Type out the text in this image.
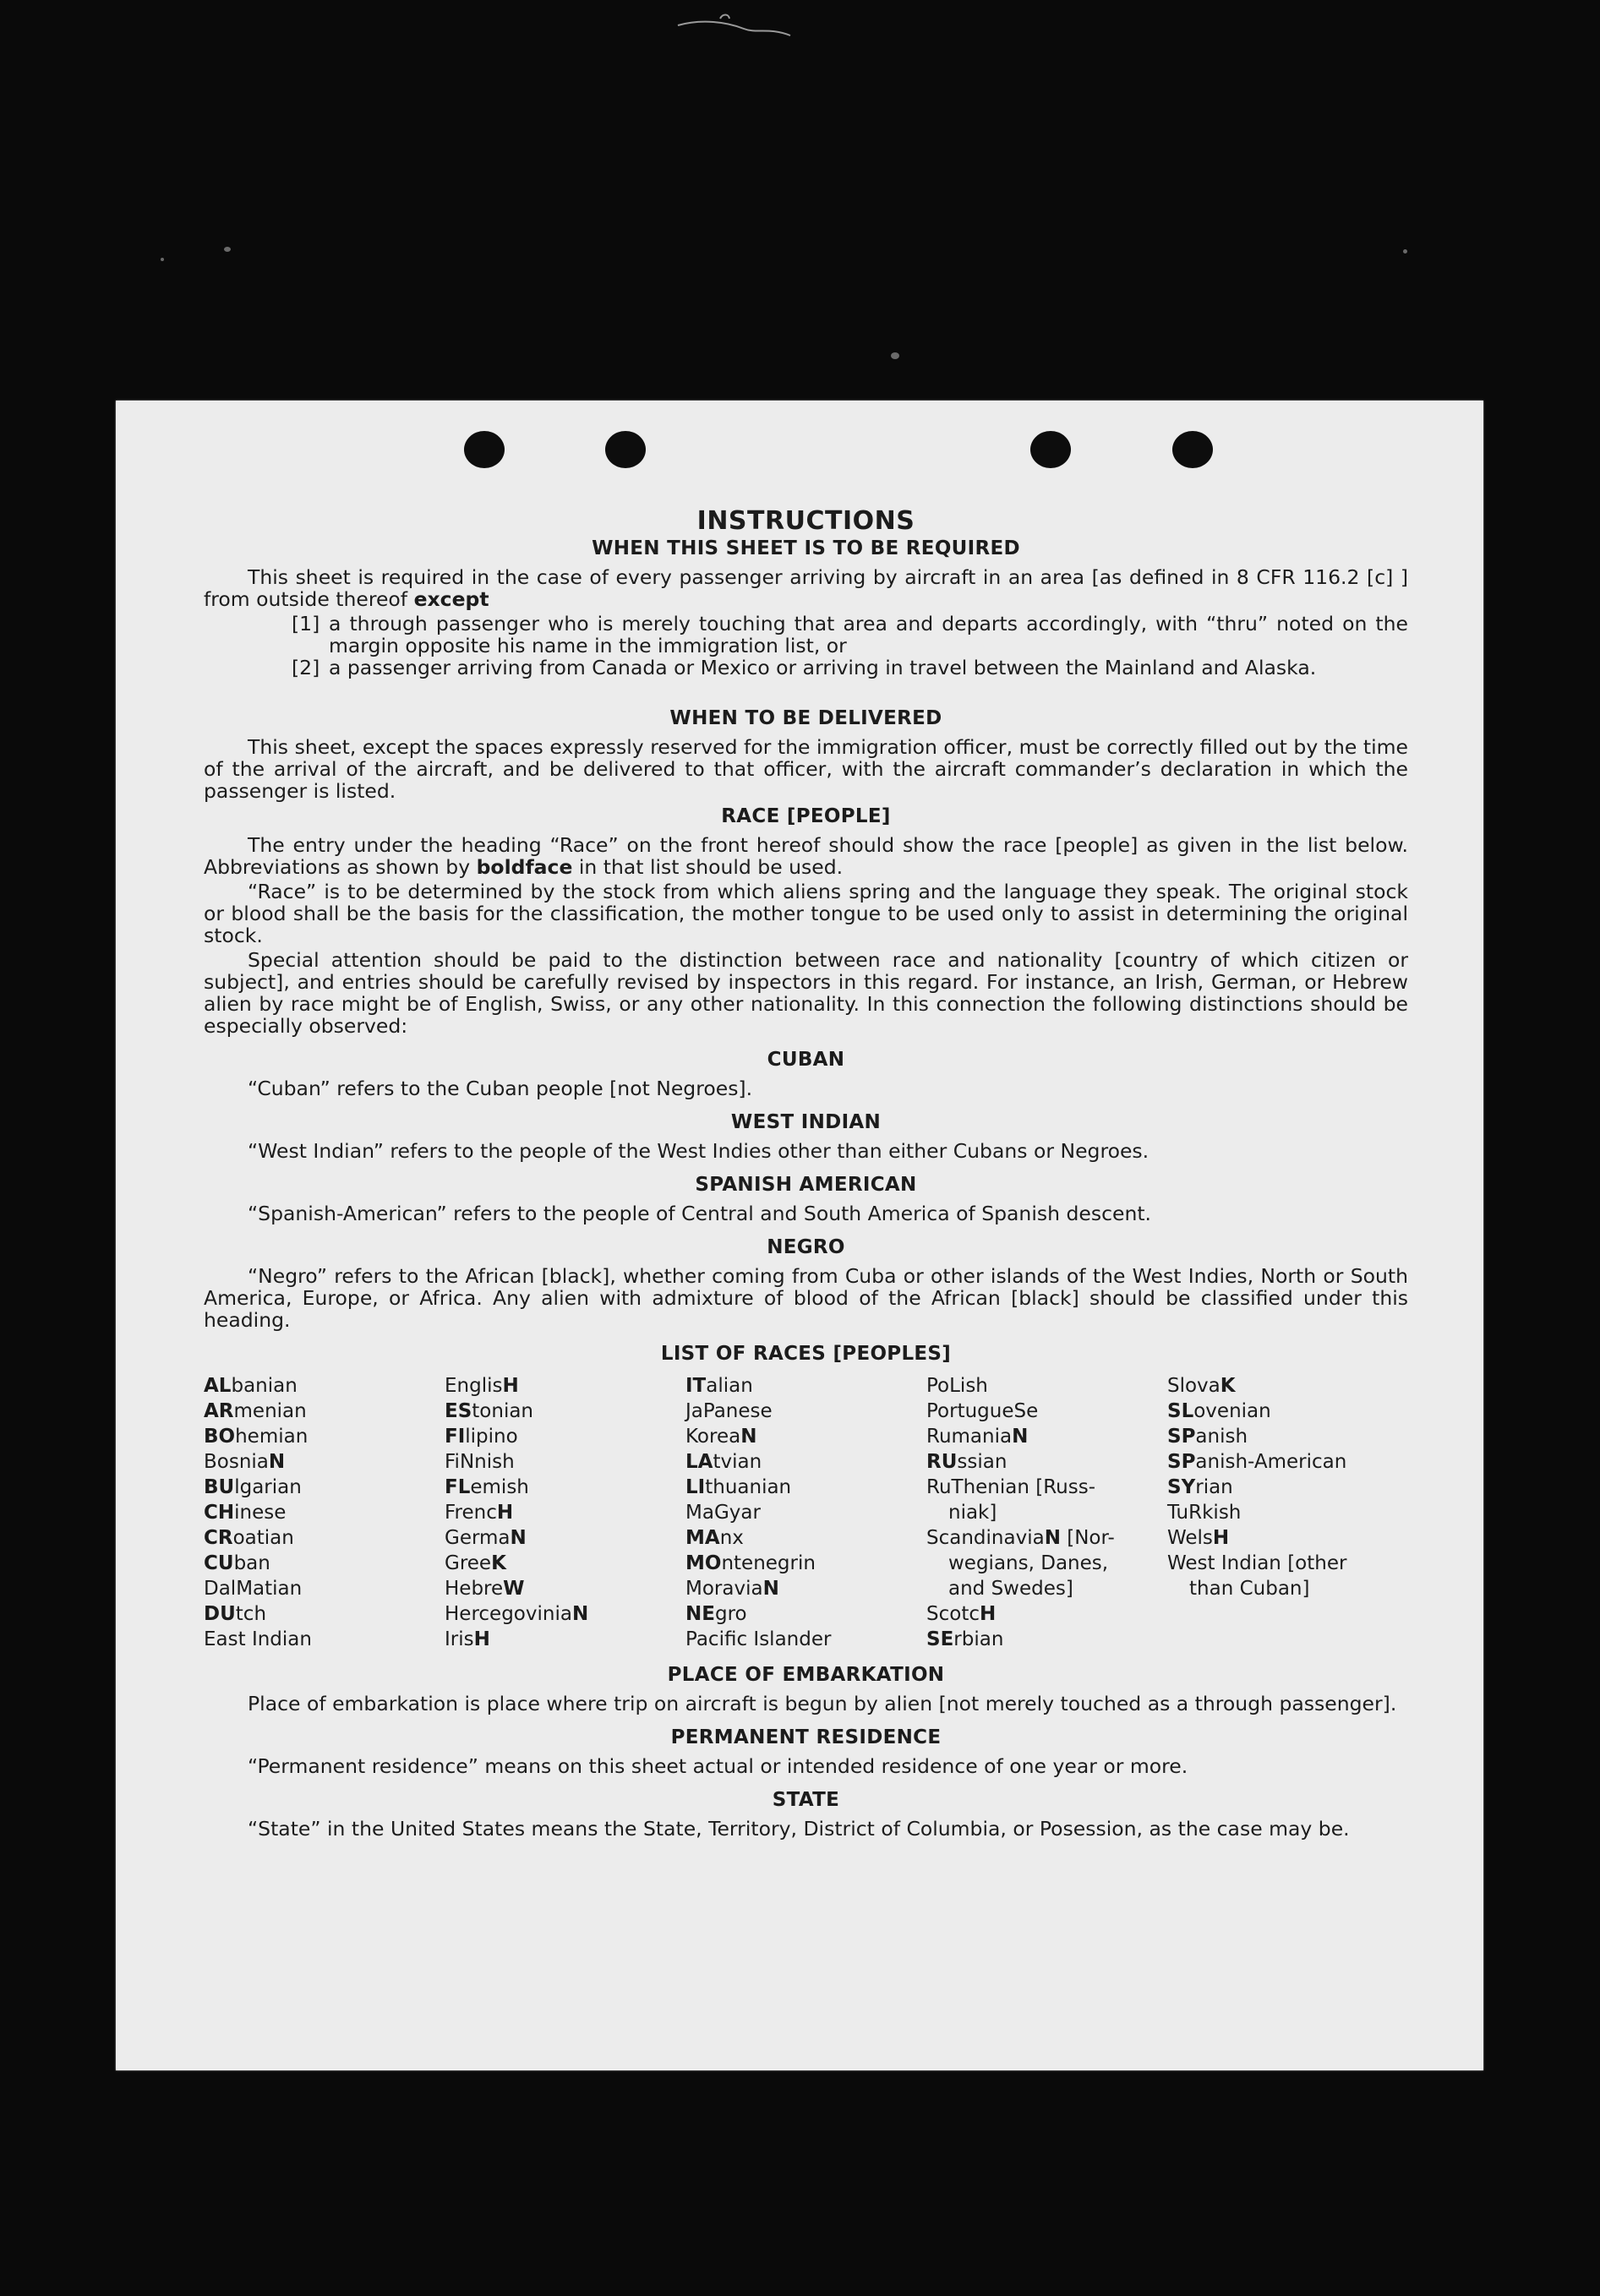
INSTRUCTIONS
WHEN THIS SHEET IS TO BE REQUIRED
This sheet is required in the case of every passenger arriving by aircraft in an area [as defined in 8 CFR 116.2 [c] ] from outside thereof except
[1] a through passenger who is merely touching that area and departs accordingly, with “thru” noted on the margin opposite his name in the immigration list, or
[2] a passenger arriving from Canada or Mexico or arriving in travel between the Mainland and Alaska.
WHEN TO BE DELIVERED
This sheet, except the spaces expressly reserved for the immigration officer, must be correctly filled out by the time of the arrival of the aircraft, and be delivered to that officer, with the aircraft commander’s declaration in which the passenger is listed.
RACE [PEOPLE]
The entry under the heading “Race” on the front hereof should show the race [people] as given in the list below. Abbreviations as shown by boldface in that list should be used.
“Race” is to be determined by the stock from which aliens spring and the language they speak. The original stock or blood shall be the basis for the classification, the mother tongue to be used only to assist in determining the original stock.
Special attention should be paid to the distinction between race and nationality [country of which citizen or subject], and entries should be carefully revised by inspectors in this regard. For instance, an Irish, German, or Hebrew alien by race might be of English, Swiss, or any other nationality. In this connection the following distinctions should be especially observed:
CUBAN
“Cuban” refers to the Cuban people [not Negroes].
WEST INDIAN
“West Indian” refers to the people of the West Indies other than either Cubans or Negroes.
SPANISH AMERICAN
“Spanish-American” refers to the people of Central and South America of Spanish descent.
NEGRO
“Negro” refers to the African [black], whether coming from Cuba or other islands of the West Indies, North or South America, Europe, or Africa. Any alien with admixture of blood of the African [black] should be classified under this heading.
LIST OF RACES [PEOPLES]
ALbanian
ARmenian
BOhemian
BosniaN
BUlgarian
CHinese
CRoatian
CUban
DalMatian
DUtch
East Indian
EnglisH
EStonian
FIlipino
FiNnish
FLemish
FrencH
GermaN
GreeK
HebreW
HercegoviniaN
IrisH
ITalian
JaPanese
KoreaN
LAtvian
LIthuanian
MaGyar
MAnx
MOntenegrin
MoraviaN
NEgro
Pacific Islander
PoLish
PortugueSe
RumaniaN
RUssian
RuThenian [Russ-
niak]
ScandinaviaN [Nor-
wegians, Danes,
and Swedes]
ScotcH
SErbian
SlovaK
SLovenian
SPanish
SPanish-American
SYrian
TuRkish
WelsH
West Indian [other
than Cuban]
PLACE OF EMBARKATION
Place of embarkation is place where trip on aircraft is begun by alien [not merely touched as a through passenger].
PERMANENT RESIDENCE
“Permanent residence” means on this sheet actual or intended residence of one year or more.
STATE
“State” in the United States means the State, Territory, District of Columbia, or Posession, as the case may be.
